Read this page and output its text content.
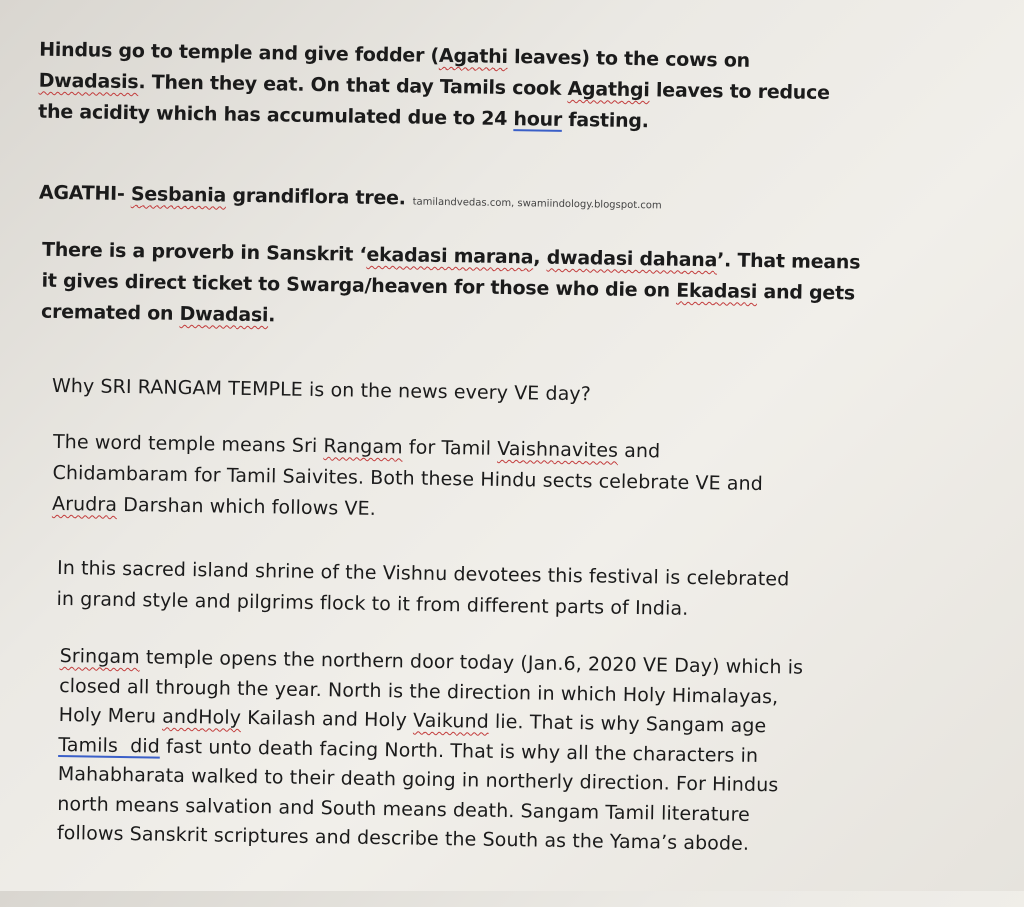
Hindus go to temple and give fodder (Agathi leaves) to the cows on
Dwadasis. Then they eat. On that day Tamils cook Agathgi leaves to reduce
the acidity which has accumulated due to 24 hour fasting.

AGATHI- Sesbania grandiflora tree. tamilandvedas.com, swamiindology.blogspot.com

There is a proverb in Sanskrit ‘ekadasi marana, dwadasi dahana’. That means
it gives direct ticket to Swarga/heaven for those who die on Ekadasi and gets
cremated on Dwadasi.

Why SRI RANGAM TEMPLE is on the news every VE day?

The word temple means Sri Rangam for Tamil Vaishnavites and
Chidambaram for Tamil Saivites. Both these Hindu sects celebrate VE and
Arudra Darshan which follows VE.

In this sacred island shrine of the Vishnu devotees this festival is celebrated
in grand style and pilgrims flock to it from different parts of India.

Sringam temple opens the northern door today (Jan.6, 2020 VE Day) which is
closed all through the year. North is the direction in which Holy Himalayas,
Holy Meru andHoly Kailash and Holy Vaikund lie. That is why Sangam age
Tamils  did fast unto death facing North. That is why all the characters in
Mahabharata walked to their death going in northerly direction. For Hindus
north means salvation and South means death. Sangam Tamil literature
follows Sanskrit scriptures and describe the South as the Yama’s abode.
